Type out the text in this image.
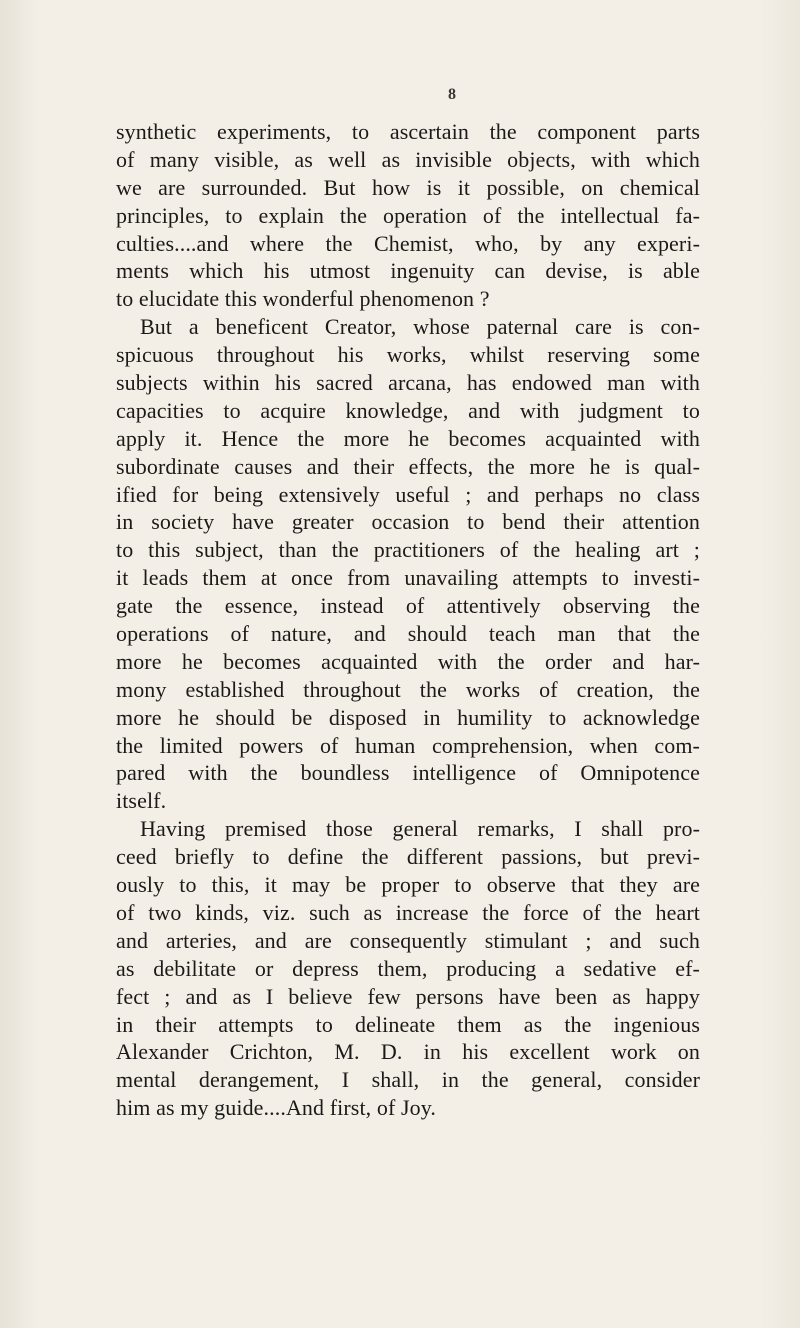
8
synthetic experiments, to ascertain the component parts
of many visible, as well as invisible objects, with which
we are surrounded. But how is it possible, on chemical
principles, to explain the operation of the intellectual fa-
culties....and where the Chemist, who, by any experi-
ments which his utmost ingenuity can devise, is able
to elucidate this wonderful phenomenon ?
But a beneficent Creator, whose paternal care is con-
spicuous throughout his works, whilst reserving some
subjects within his sacred arcana, has endowed man with
capacities to acquire knowledge, and with judgment to
apply it. Hence the more he becomes acquainted with
subordinate causes and their effects, the more he is qual-
ified for being extensively useful ; and perhaps no class
in society have greater occasion to bend their attention
to this subject, than the practitioners of the healing art ;
it leads them at once from unavailing attempts to investi-
gate the essence, instead of attentively observing the
operations of nature, and should teach man that the
more he becomes acquainted with the order and har-
mony established throughout the works of creation, the
more he should be disposed in humility to acknowledge
the limited powers of human comprehension, when com-
pared with the boundless intelligence of Omnipotence
itself.
Having premised those general remarks, I shall pro-
ceed briefly to define the different passions, but previ-
ously to this, it may be proper to observe that they are
of two kinds, viz. such as increase the force of the heart
and arteries, and are consequently stimulant ; and such
as debilitate or depress them, producing a sedative ef-
fect ; and as I believe few persons have been as happy
in their attempts to delineate them as the ingenious
Alexander Crichton, M. D. in his excellent work on
mental derangement, I shall, in the general, consider
him as my guide....And first, of Joy.
